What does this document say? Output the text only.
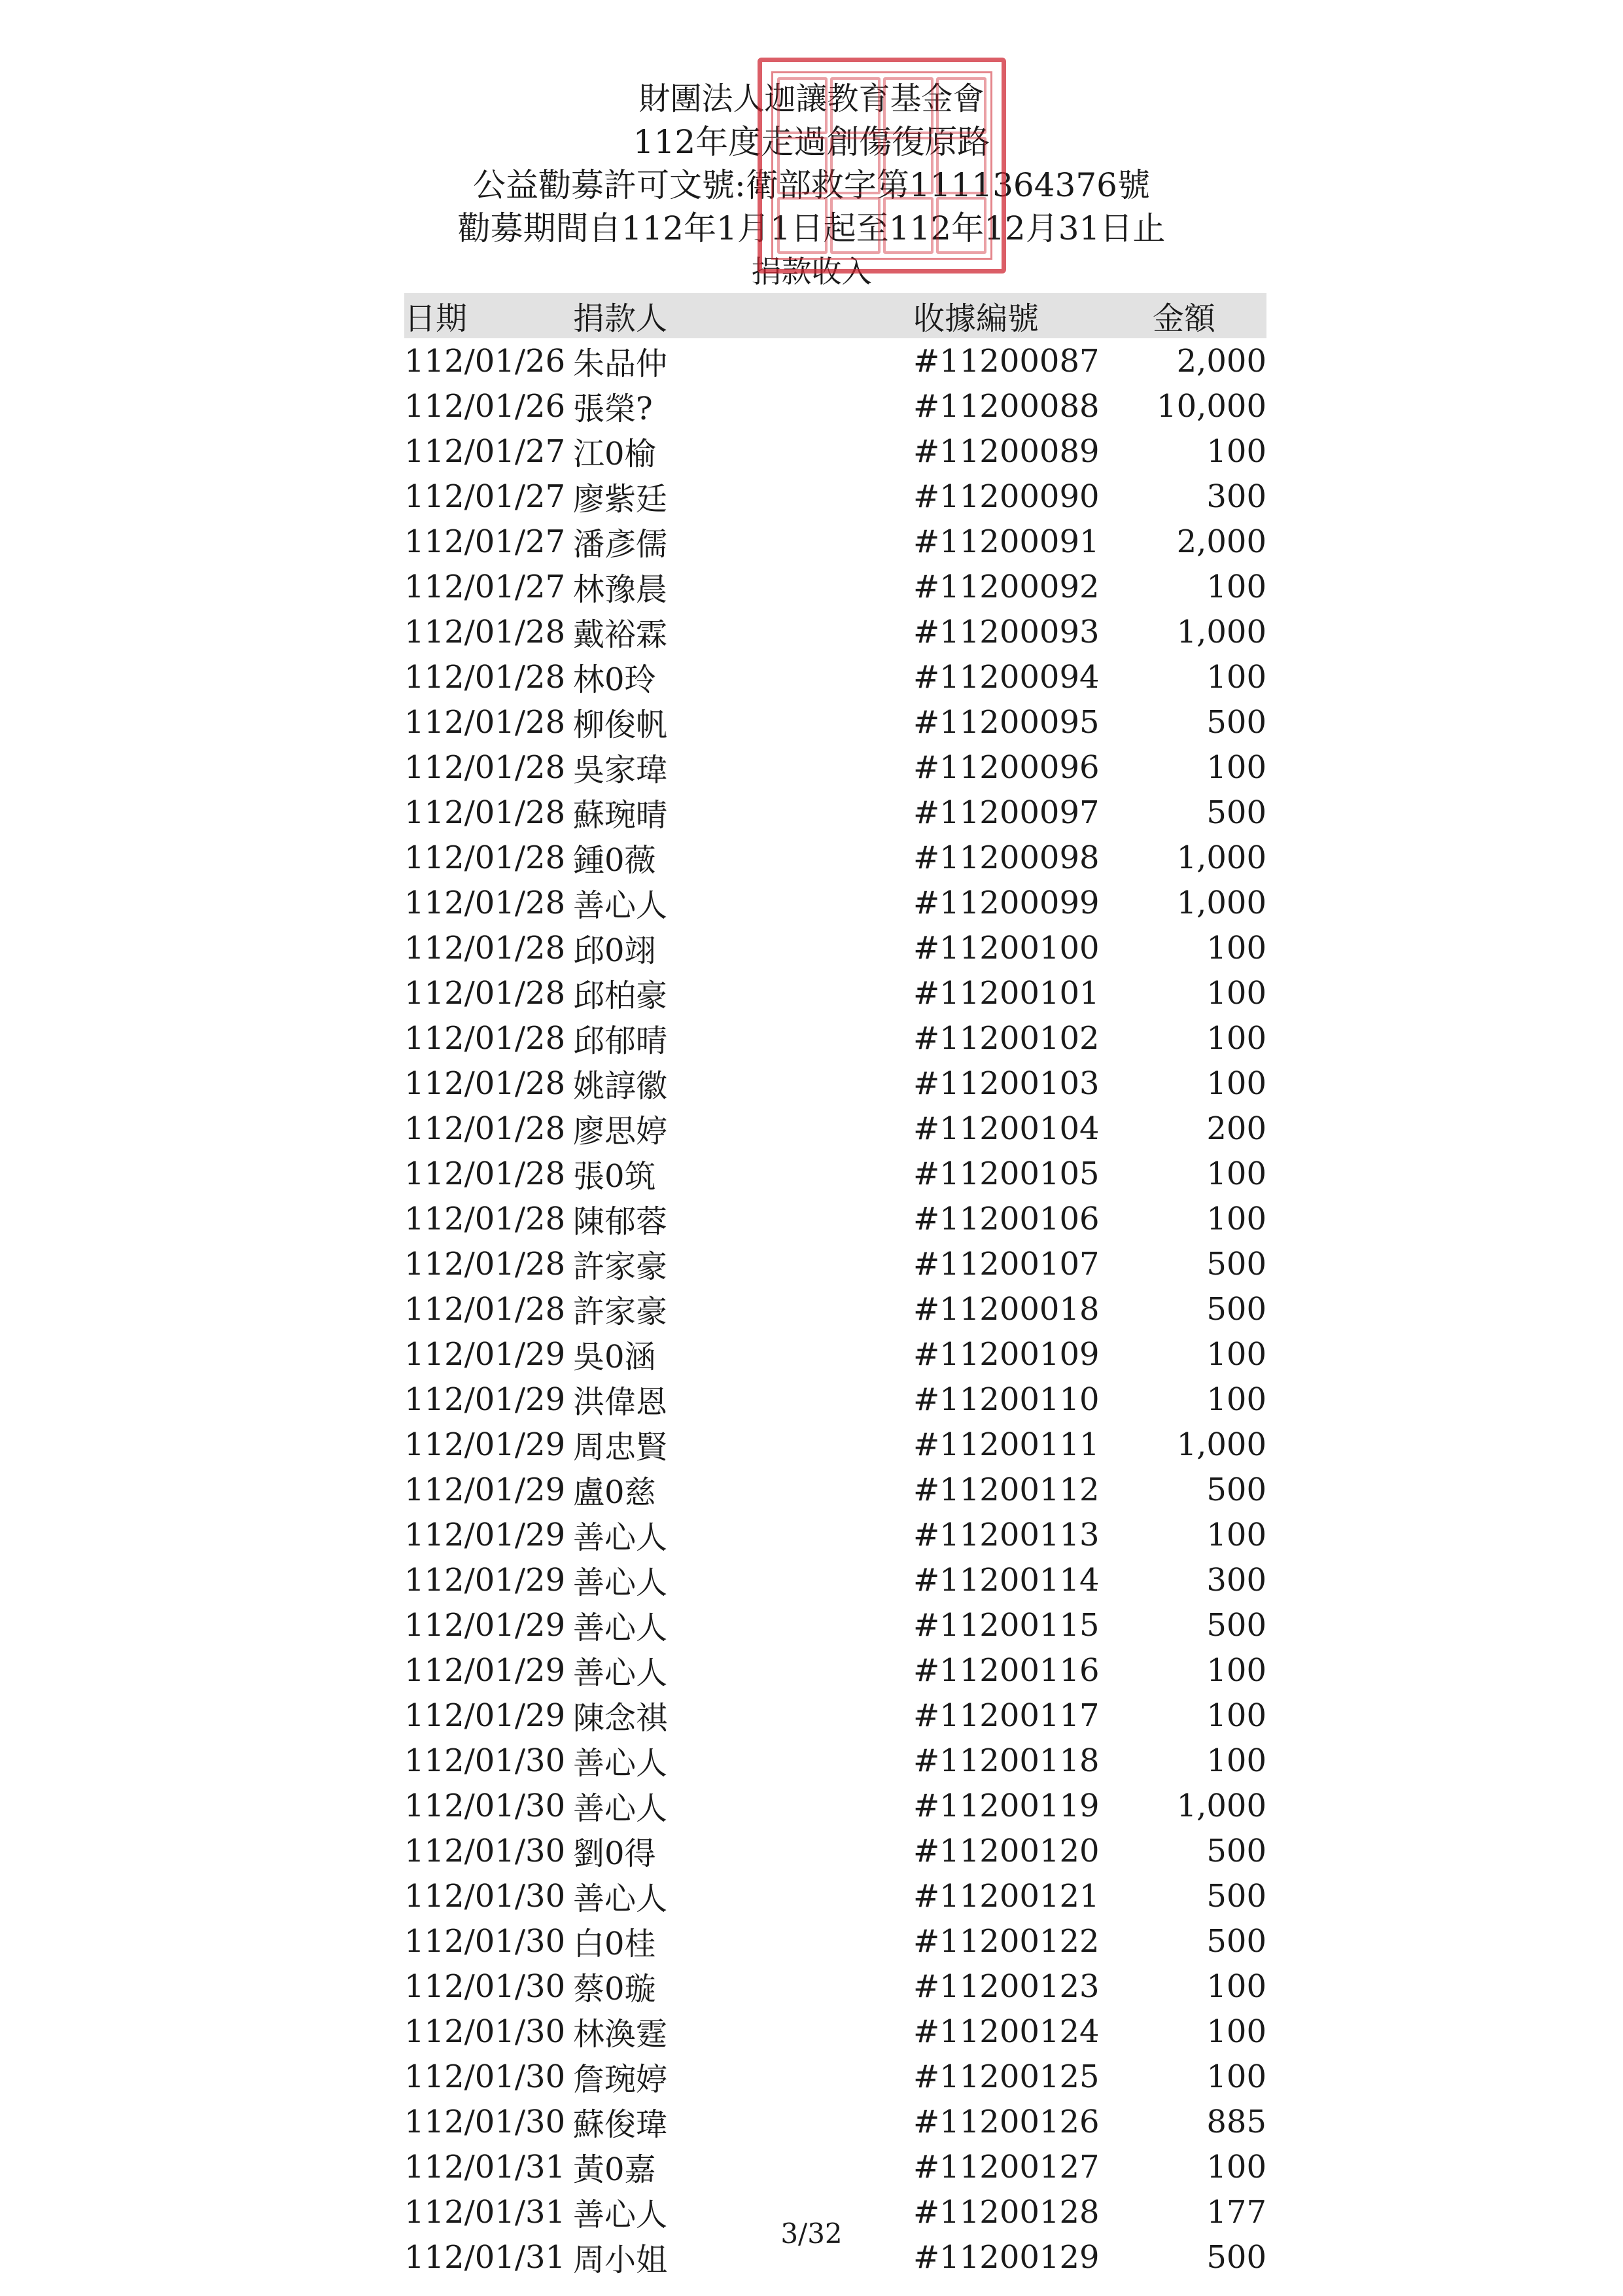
財團法人迦讓教育基金會
112年度走過創傷復原路
公益勸募許可文號:衛部救字第1111364376號
勸募期間自112年1月1日起至112年12月31日止
捐款收入
日期	捐款人	收據編號	金額
112/01/26	朱品仲	#11200087	2,000
112/01/26	張榮?	#11200088	10,000
112/01/27	江0榆	#11200089	100
112/01/27	廖紫廷	#11200090	300
112/01/27	潘彥儒	#11200091	2,000
112/01/27	林豫晨	#11200092	100
112/01/28	戴裕霖	#11200093	1,000
112/01/28	林0玲	#11200094	100
112/01/28	柳俊帆	#11200095	500
112/01/28	吳家瑋	#11200096	100
112/01/28	蘇琬晴	#11200097	500
112/01/28	鍾0薇	#11200098	1,000
112/01/28	善心人	#11200099	1,000
112/01/28	邱0翊	#11200100	100
112/01/28	邱柏豪	#11200101	100
112/01/28	邱郁晴	#11200102	100
112/01/28	姚諄徽	#11200103	100
112/01/28	廖思婷	#11200104	200
112/01/28	張0筑	#11200105	100
112/01/28	陳郁蓉	#11200106	100
112/01/28	許家豪	#11200107	500
112/01/28	許家豪	#11200018	500
112/01/29	吳0涵	#11200109	100
112/01/29	洪偉恩	#11200110	100
112/01/29	周忠賢	#11200111	1,000
112/01/29	盧0慈	#11200112	500
112/01/29	善心人	#11200113	100
112/01/29	善心人	#11200114	300
112/01/29	善心人	#11200115	500
112/01/29	善心人	#11200116	100
112/01/29	陳念祺	#11200117	100
112/01/30	善心人	#11200118	100
112/01/30	善心人	#11200119	1,000
112/01/30	劉0得	#11200120	500
112/01/30	善心人	#11200121	500
112/01/30	白0桂	#11200122	500
112/01/30	蔡0璇	#11200123	100
112/01/30	林渙霆	#11200124	100
112/01/30	詹琬婷	#11200125	100
112/01/30	蘇俊瑋	#11200126	885
112/01/31	黃0嘉	#11200127	100
112/01/31	善心人	#11200128	177
112/01/31	周小姐	#11200129	500
3/32
